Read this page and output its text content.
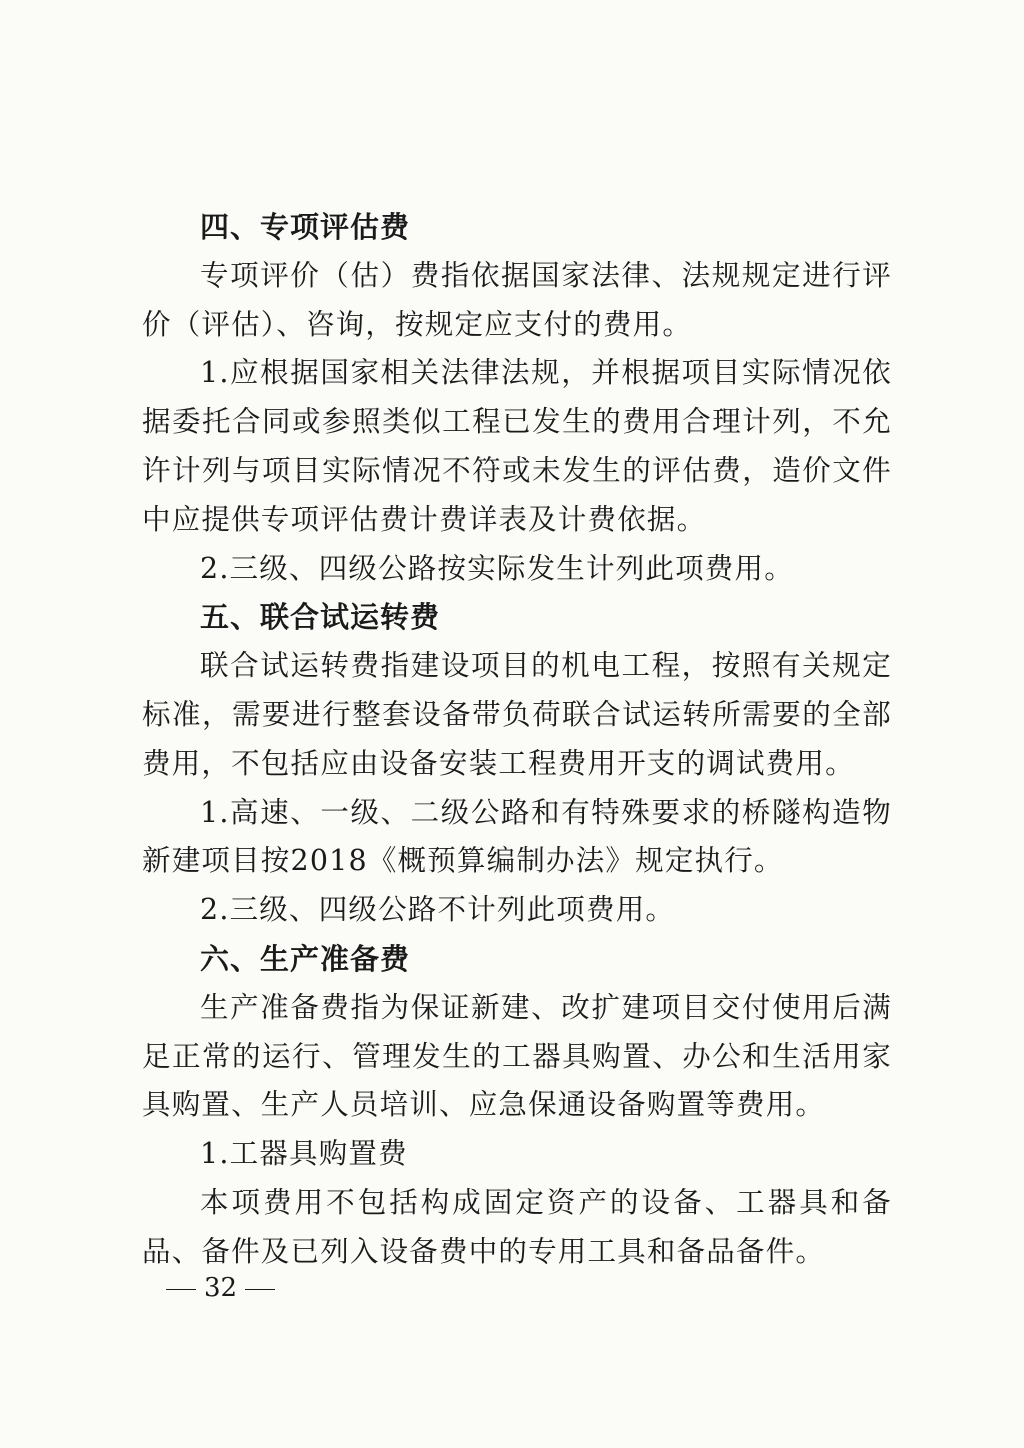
四、专项评估费

专项评价（估）费指依据国家法律、法规规定进行评价（评估）、咨询，按规定应支付的费用。

1.应根据国家相关法律法规，并根据项目实际情况依据委托合同或参照类似工程已发生的费用合理计列，不允许计列与项目实际情况不符或未发生的评估费，造价文件中应提供专项评估费计费详表及计费依据。

2.三级、四级公路按实际发生计列此项费用。

五、联合试运转费

联合试运转费指建设项目的机电工程，按照有关规定标准，需要进行整套设备带负荷联合试运转所需要的全部费用，不包括应由设备安装工程费用开支的调试费用。

1.高速、一级、二级公路和有特殊要求的桥隧构造物新建项目按2018《概预算编制办法》规定执行。

2.三级、四级公路不计列此项费用。

六、生产准备费

生产准备费指为保证新建、改扩建项目交付使用后满足正常的运行、管理发生的工器具购置、办公和生活用家具购置、生产人员培训、应急保通设备购置等费用。

1.工器具购置费

本项费用不包括构成固定资产的设备、工器具和备品、备件及已列入设备费中的专用工具和备品备件。

32
